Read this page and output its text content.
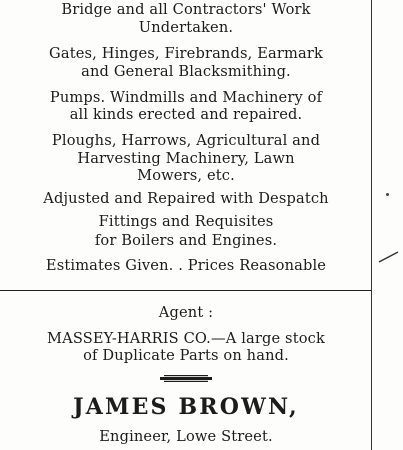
Bridge and all Contractors' Work
Undertaken.
Gates, Hinges, Firebrands, Earmark
and General Blacksmithing.
Pumps. Windmills and Machinery of
all kinds erected and repaired.
Ploughs, Harrows, Agricultural and
Harvesting Machinery, Lawn
Mowers, etc.
Adjusted and Repaired with Despatch
Fittings and Requisites
for Boilers and Engines.
Estimates Given. . Prices Reasonable
Agent :
MASSEY-HARRIS CO.—A large stock
of Duplicate Parts on hand.
JAMES BROWN,
Engineer, Lowe Street.
